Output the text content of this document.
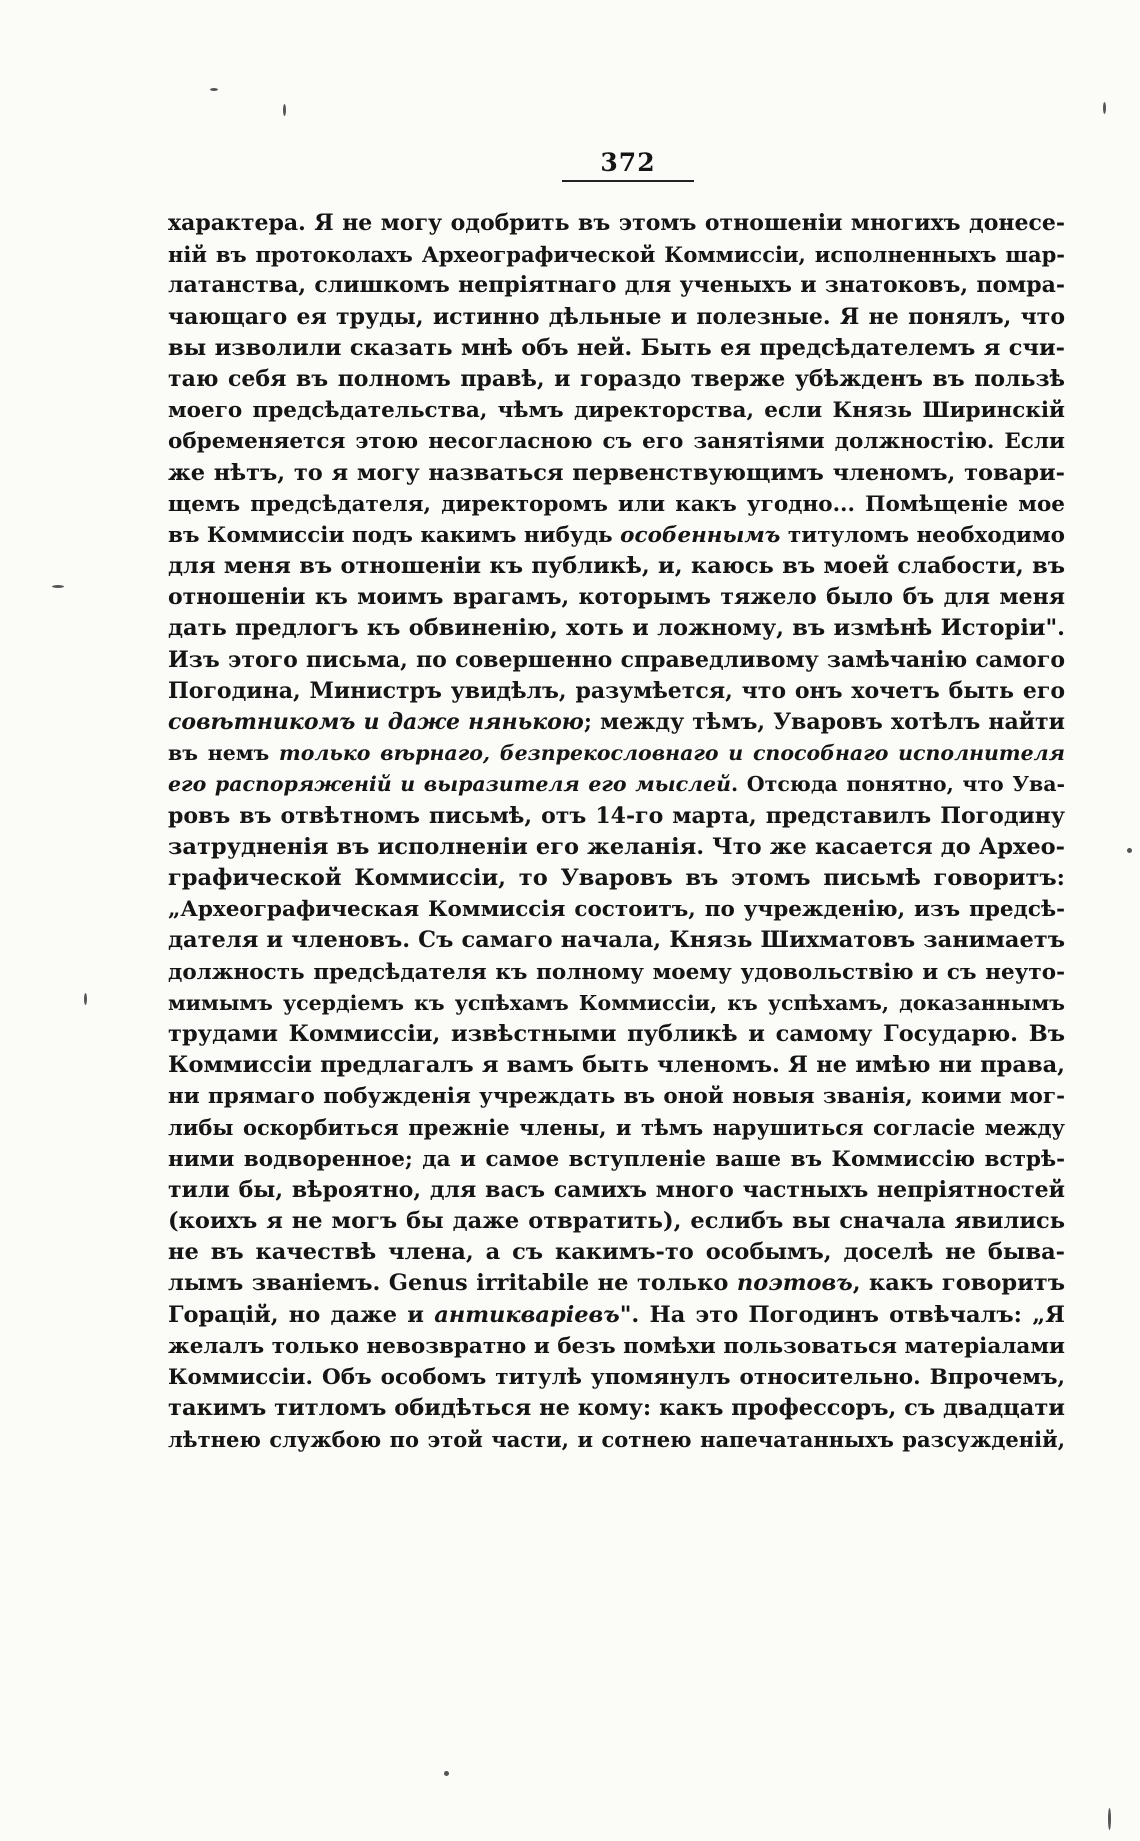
372
характера. Я не могу одобрить въ этомъ отношеніи многихъ донесе-
ній въ протоколахъ Археографической Коммиссіи, исполненныхъ шар-
латанства, слишкомъ непріятнаго для ученыхъ и знатоковъ, помра-
чающаго ея труды, истинно дѣльные и полезные. Я не понялъ, что
вы изволили сказать мнѣ объ ней. Быть ея предсѣдателемъ я счи-
таю себя въ полномъ правѣ, и гораздо тверже убѣжденъ въ пользѣ
моего предсѣдательства, чѣмъ директорства, если Князь Ширинскій
обременяется этою несогласною съ его занятіями должностію. Если
же нѣтъ, то я могу назваться первенствующимъ членомъ, товари-
щемъ предсѣдателя, директоромъ или какъ угодно... Помѣщеніе мое
въ Коммиссіи подъ какимъ нибудь особеннымъ титуломъ необходимо
для меня въ отношеніи къ публикѣ, и, каюсь въ моей слабости, въ
отношеніи къ моимъ врагамъ, которымъ тяжело было бъ для меня
дать предлогъ къ обвиненію, хоть и ложному, въ измѣнѣ Исторіи".
Изъ этого письма, по совершенно справедливому замѣчанію самого
Погодина, Министръ увидѣлъ, разумѣется, что онъ хочетъ быть его
совѣтникомъ и даже нянькою; между тѣмъ, Уваровъ хотѣлъ найти
въ немъ только вѣрнаго, безпрекословнаго и способнаго исполнителя
его распоряженій и выразителя его мыслей. Отсюда понятно, что Ува-
ровъ въ отвѣтномъ письмѣ, отъ 14-го марта, представилъ Погодину
затрудненія въ исполненіи его желанія. Что же касается до Архео-
графической Коммиссіи, то Уваровъ въ этомъ письмѣ говоритъ:
„Археографическая Коммиссія состоитъ, по учрежденію, изъ предсѣ-
дателя и членовъ. Съ самаго начала, Князь Шихматовъ занимаетъ
должность предсѣдателя къ полному моему удовольствію и съ неуто-
мимымъ усердіемъ къ успѣхамъ Коммиссіи, къ успѣхамъ, доказаннымъ
трудами Коммиссіи, извѣстными публикѣ и самому Государю. Въ
Коммиссіи предлагалъ я вамъ быть членомъ. Я не имѣю ни права,
ни прямаго побужденія учреждать въ оной новыя званія, коими мог-
либы оскорбиться прежніе члены, и тѣмъ нарушиться согласіе между
ними водворенное; да и самое вступленіе ваше въ Коммиссію встрѣ-
тили бы, вѣроятно, для васъ самихъ много частныхъ непріятностей
(коихъ я не могъ бы даже отвратить), еслибъ вы сначала явились
не въ качествѣ члена, а съ какимъ-то особымъ, доселѣ не быва-
лымъ званіемъ. Genus irritabile не только поэтовъ, какъ говоритъ
Горацій, но даже и антикваріевъ". На это Погодинъ отвѣчалъ: „Я
желалъ только невозвратно и безъ помѣхи пользоваться матеріалами
Коммиссіи. Объ особомъ титулѣ упомянулъ относительно. Впрочемъ,
такимъ титломъ обидѣться не кому: какъ профессоръ, съ двадцати
лѣтнею службою по этой части, и сотнею напечатанныхъ разсужденій,
